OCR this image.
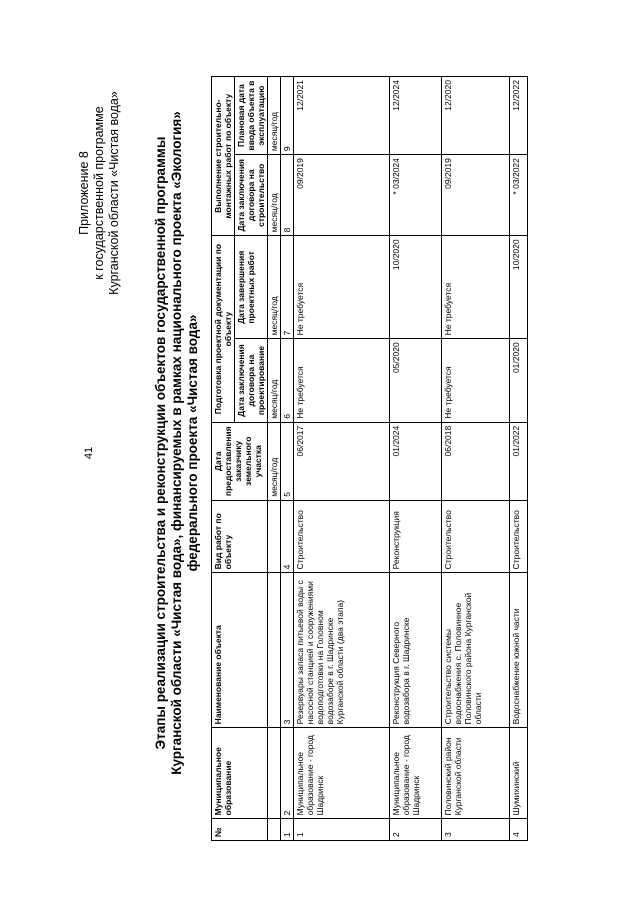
41
Приложение 8 к государственной программе Курганской области «Чистая вода» Этапы реализации строительства и реконструкции объектов государственной программы Курганской области «Чистая вода», финансируемых в рамках национального проекта «Экология» федерального проекта «Чистая вода»
№	Муниципальное образование	Наименование объекта	Вид работ по объекту	Дата предоставления заказчику земельного участка	Подготовка проектной документации по объекту		Выполнение строительно-монтажных работ по объекту	
					Дата заключения договора на проектирование	Дата завершения проектных работ	Дата заключения договора на строительство	Плановая дата ввода объекта в эксплуатацию
				месяц/год	месяц/год	месяц/год	месяц/год	месяц/год
1	2	3	4	5	6	7	8	9
1	Муниципальное образование - город Шадринск	Резервуары запаса питьевой воды с насосной станцией и сооружениями водоподготовки на Головном водозаборе в г. Шадринске Курганской области (два этапа)	Строительство	06/2017	Не требуется	Не требуется	09/2019	12/2021
2	Муниципальное образование - город Шадринск	Реконструкция Северного водозабора в г. Шадринске	Реконструкция	01/2024	05/2020	10/2020	* 03/2024	12/2024
3	Половинский район Курганской области	Строительство системы водоснабжения с. Половинное Половинского района Курганской области	Строительство	06/2018	Не требуется	Не требуется	09/2019	12/2020
4	Шумихинский	Водоснабжение южной части	Строительство	01/2022	01/2020	10/2020	* 03/2022	12/2022
